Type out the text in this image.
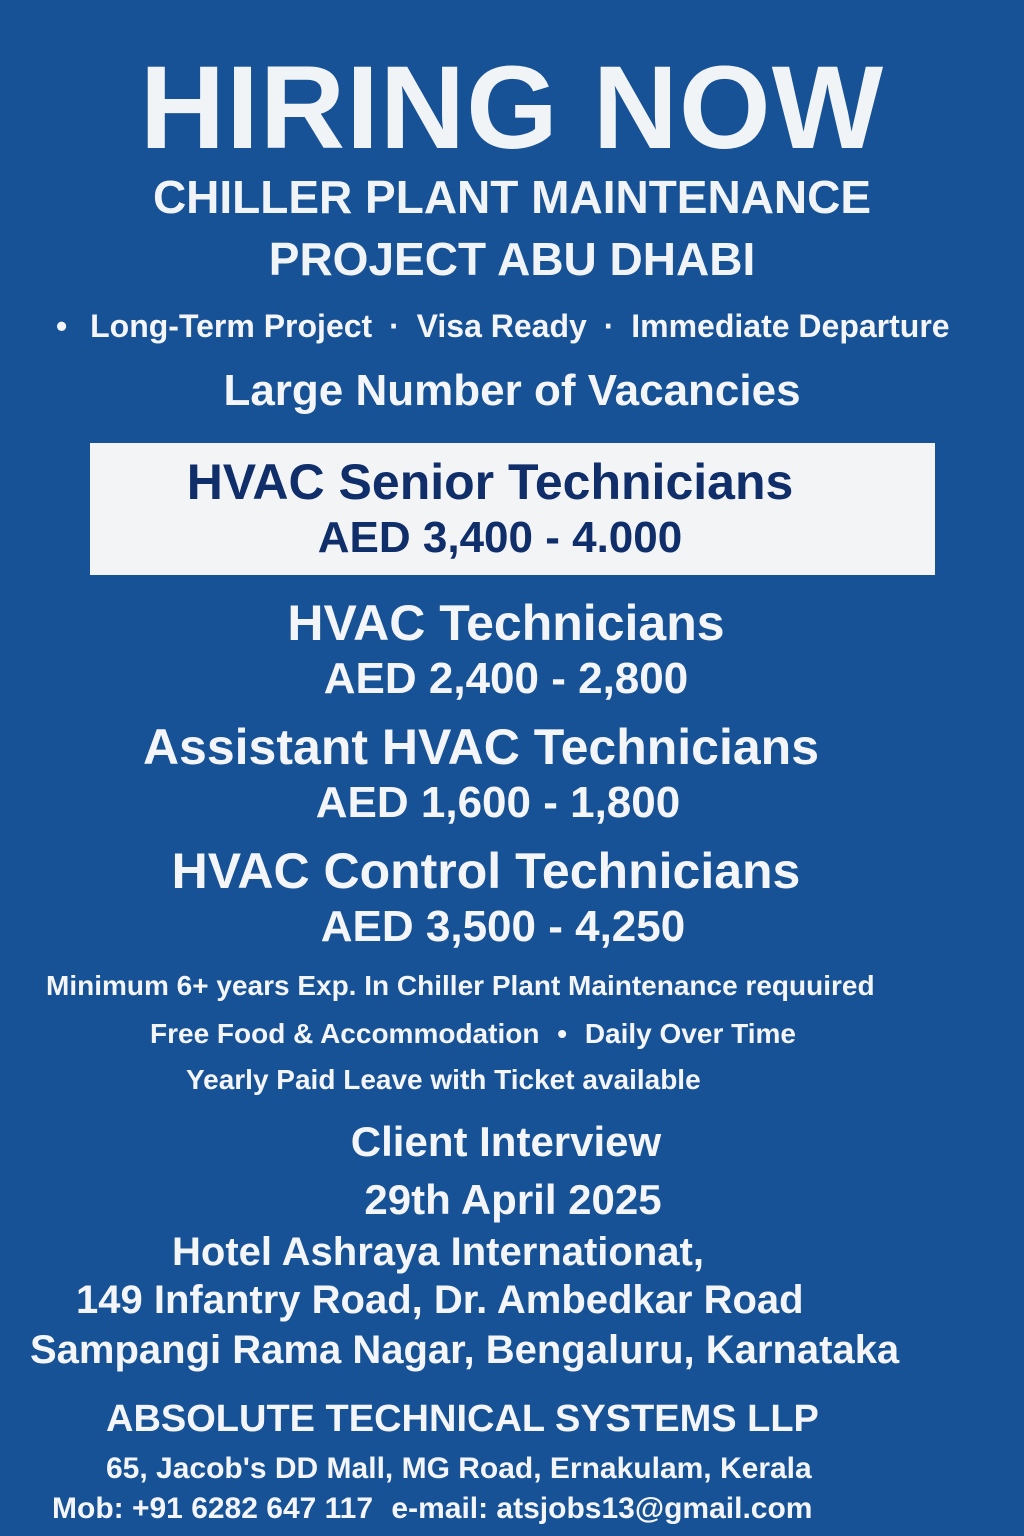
HIRING NOW
CHILLER PLANT MAINTENANCE
PROJECT ABU DHABI
• Long-Term Project · Visa Ready · Immediate Departure
Large Number of Vacancies
HVAC Senior Technicians
AED 3,400 - 4.000
HVAC Technicians
AED 2,400 - 2,800
Assistant HVAC Technicians
AED 1,600 - 1,800
HVAC Control Technicians
AED 3,500 - 4,250
Minimum 6+ years Exp. In Chiller Plant Maintenance requuired
Free Food & Accommodation • Daily Over Time
Yearly Paid Leave with Ticket available
Client Interview
29th April 2025
Hotel Ashraya Internationat,
149 Infantry Road, Dr. Ambedkar Road
Sampangi Rama Nagar, Bengaluru, Karnataka
ABSOLUTE TECHNICAL SYSTEMS LLP
65, Jacob's DD Mall, MG Road, Ernakulam, Kerala
Mob: +91 6282 647 117 e-mail: atsjobs13@gmail.com
